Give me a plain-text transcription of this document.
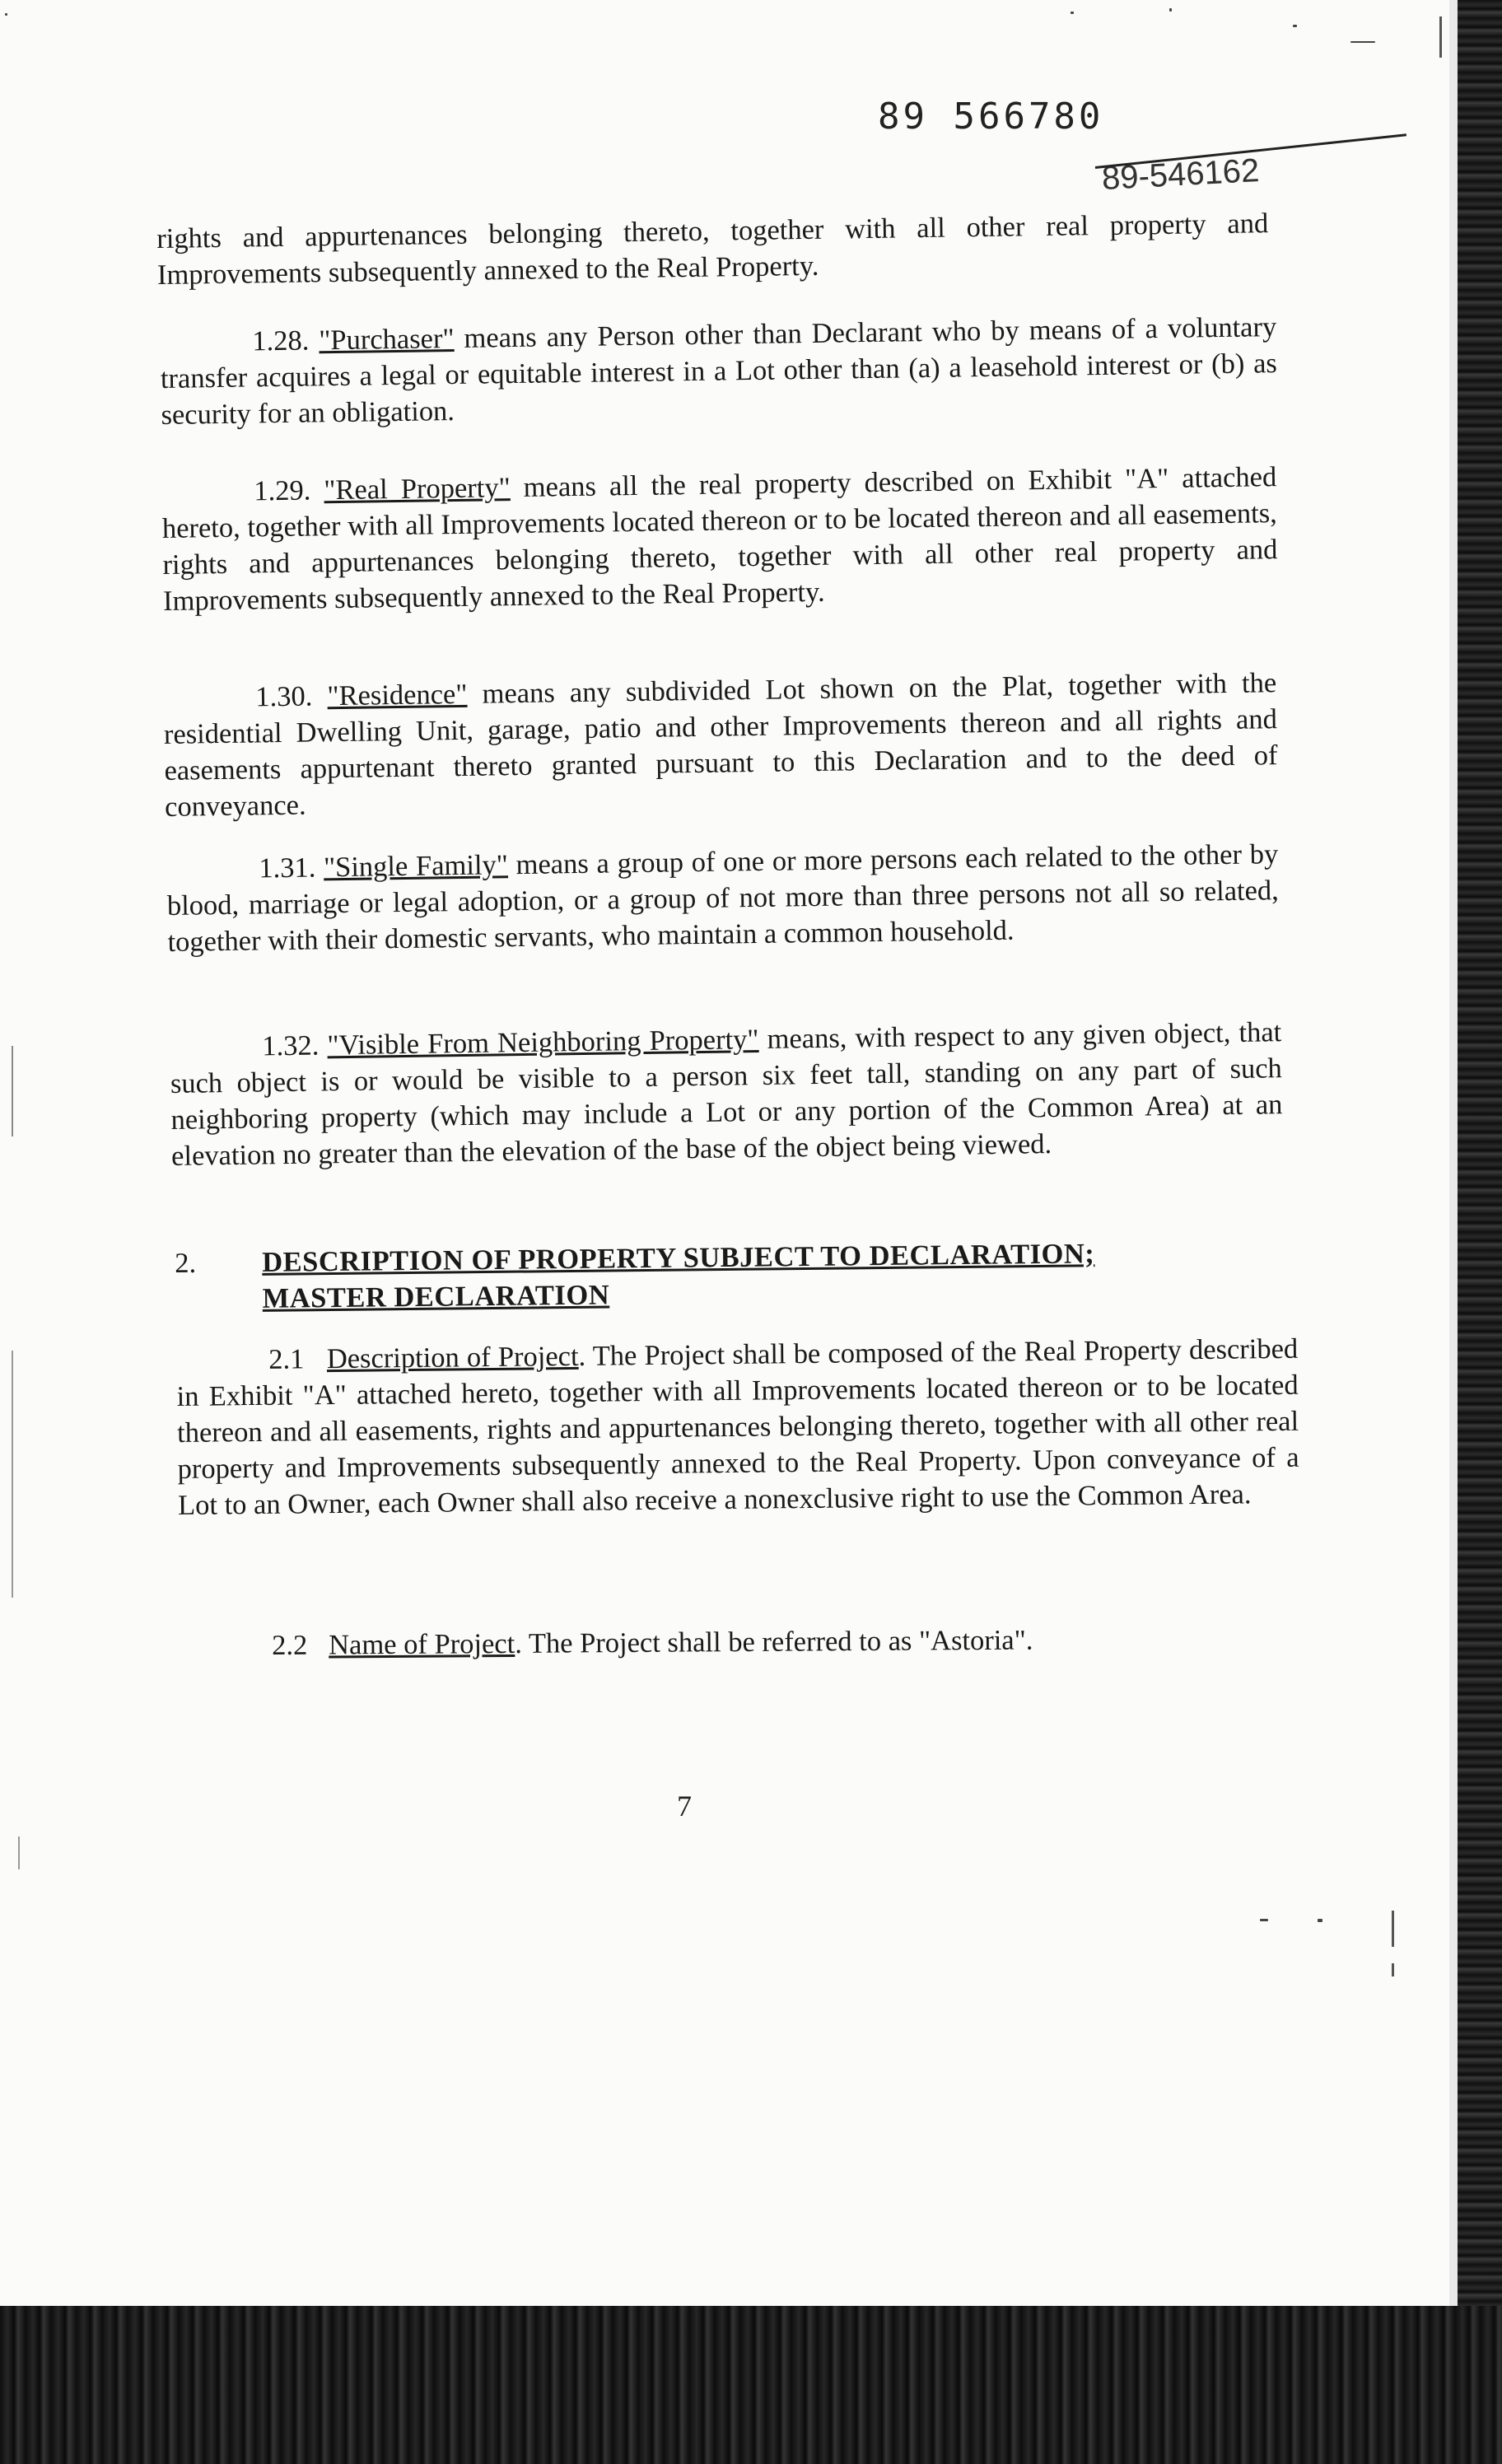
89 566780
89-546162

rights and appurtenances belonging thereto, together with all other real property and Improvements subsequently annexed to the Real Property.

1.28. "Purchaser" means any Person other than Declarant who by means of a voluntary transfer acquires a legal or equitable interest in a Lot other than (a) a leasehold interest or (b) as security for an obligation.

1.29. "Real Property" means all the real property described on Exhibit "A" attached hereto, together with all Improvements located thereon or to be located thereon and all easements, rights and appurtenances belonging thereto, together with all other real property and Improvements subsequently annexed to the Real Property.

1.30. "Residence" means any subdivided Lot shown on the Plat, together with the residential Dwelling Unit, garage, patio and other Improvements thereon and all rights and easements appurtenant thereto granted pursuant to this Declaration and to the deed of conveyance.

1.31. "Single Family" means a group of one or more persons each related to the other by blood, marriage or legal adoption, or a group of not more than three persons not all so related, together with their domestic servants, who maintain a common household.

1.32. "Visible From Neighboring Property" means, with respect to any given object, that such object is or would be visible to a person six feet tall, standing on any part of such neighboring property (which may include a Lot or any portion of the Common Area) at an elevation no greater than the elevation of the base of the object being viewed.

2. DESCRIPTION OF PROPERTY SUBJECT TO DECLARATION;

MASTER DECLARATION

2.1 Description of Project. The Project shall be composed of the Real Property described in Exhibit "A" attached hereto, together with all Improvements located thereon or to be located thereon and all easements, rights and appurtenances belonging thereto, together with all other real property and Improvements subsequently annexed to the Real Property. Upon conveyance of a Lot to an Owner, each Owner shall also receive a nonexclusive right to use the Common Area.

2.2 Name of Project. The Project shall be referred to as "Astoria".

7
